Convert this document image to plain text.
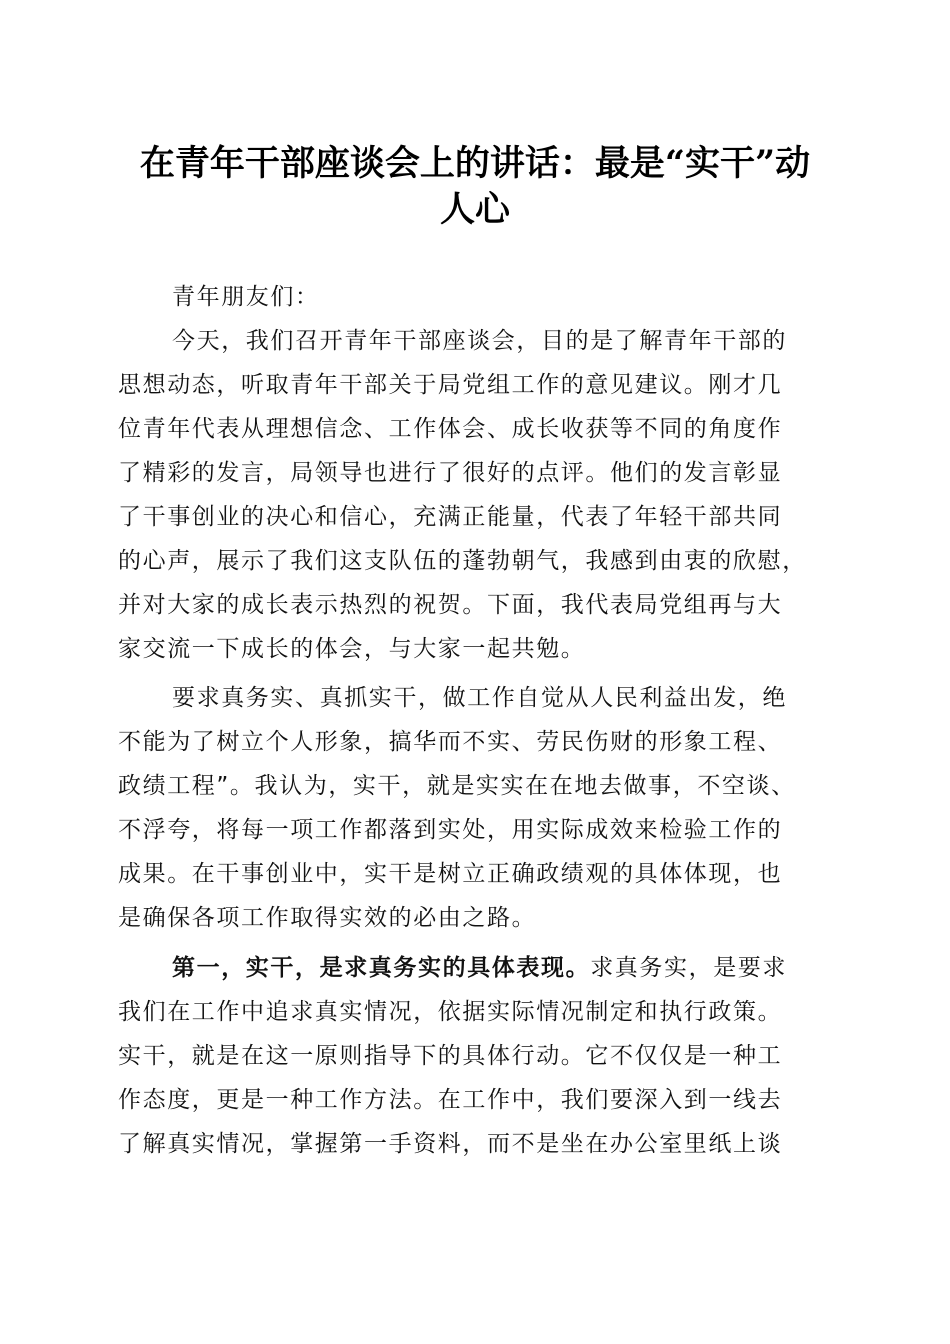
在青年干部座谈会上的讲话：最是“实干”动
人心
青年朋友们：
今天，我们召开青年干部座谈会，目的是了解青年干部的
思想动态，听取青年干部关于局党组工作的意见建议。刚才几
位青年代表从理想信念、工作体会、成长收获等不同的角度作
了精彩的发言，局领导也进行了很好的点评。他们的发言彰显
了干事创业的决心和信心，充满正能量，代表了年轻干部共同
的心声，展示了我们这支队伍的蓬勃朝气，我感到由衷的欣慰，
并对大家的成长表示热烈的祝贺。下面，我代表局党组再与大
家交流一下成长的体会，与大家一起共勉。
要求真务实、真抓实干，做工作自觉从人民利益出发，绝
不能为了树立个人形象，搞华而不实、劳民伤财的形象工程、
政绩工程”。我认为，实干，就是实实在在地去做事，不空谈、
不浮夸，将每一项工作都落到实处，用实际成效来检验工作的
成果。在干事创业中，实干是树立正确政绩观的具体体现，也
是确保各项工作取得实效的必由之路。
第一，实干，是求真务实的具体表现。求真务实，是要求
我们在工作中追求真实情况，依据实际情况制定和执行政策。
实干，就是在这一原则指导下的具体行动。它不仅仅是一种工
作态度，更是一种工作方法。在工作中，我们要深入到一线去
了解真实情况，掌握第一手资料，而不是坐在办公室里纸上谈
